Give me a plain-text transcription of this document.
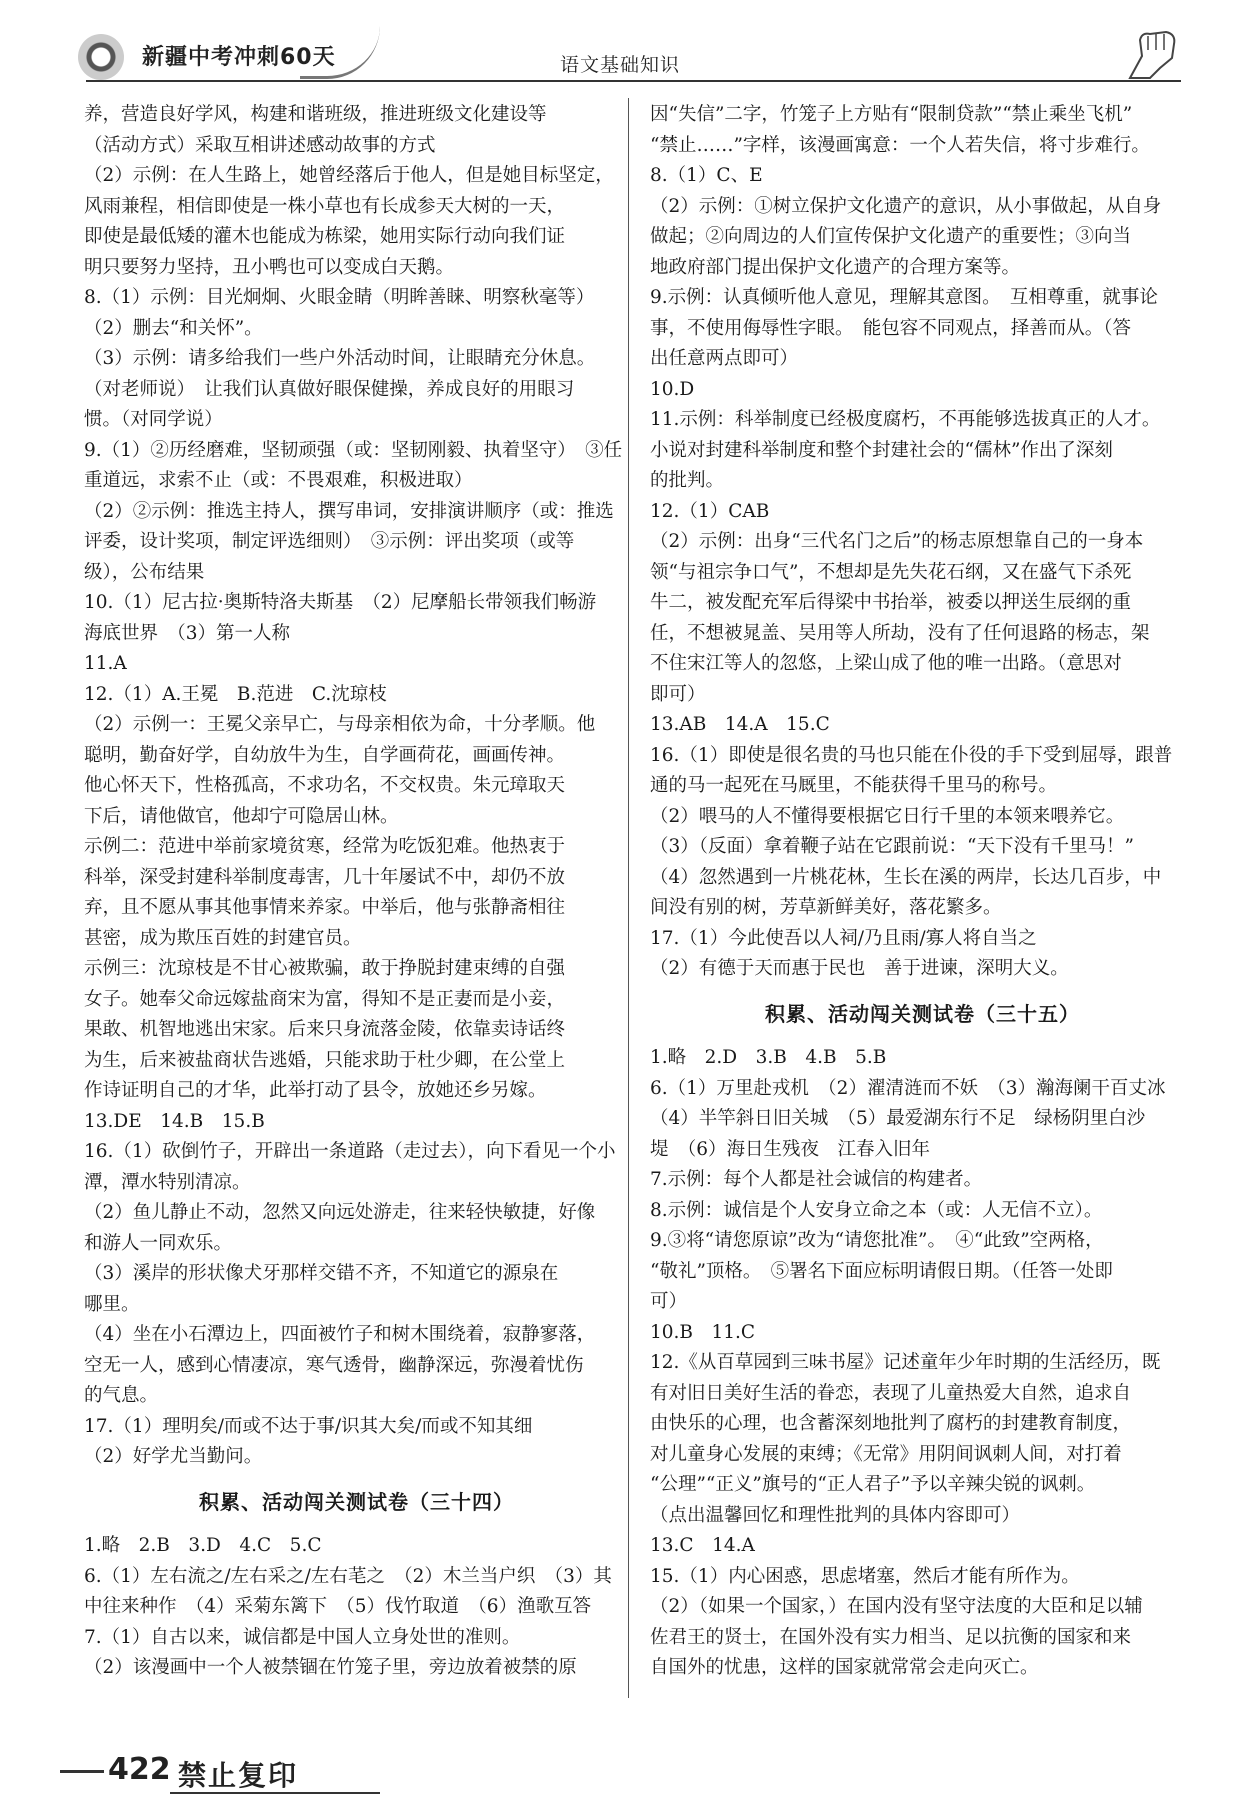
新疆中考冲刺60天	语文基础知识

养，营造良好学风，构建和谐班级，推进班级文化建设等

（活动方式）采取互相讲述感动故事的方式

（2）示例：在人生路上，她曾经落后于他人，但是她目标坚定，

风雨兼程，相信即使是一株小草也有长成参天大树的一天，

即使是最低矮的灌木也能成为栋梁，她用实际行动向我们证

明只要努力坚持，丑小鸭也可以变成白天鹅。

8.（1）示例：目光炯炯、火眼金睛（明眸善睐、明察秋毫等）

（2）删去“和关怀”。

（3）示例：请多给我们一些户外活动时间，让眼睛充分休息。

（对老师说）　让我们认真做好眼保健操，养成良好的用眼习

惯。（对同学说）

9.（1）②历经磨难，坚韧顽强（或：坚韧刚毅、执着坚守）　③任

重道远，求索不止（或：不畏艰难，积极进取）

（2）②示例：推选主持人，撰写串词，安排演讲顺序（或：推选

评委，设计奖项，制定评选细则）　③示例：评出奖项（或等

级），公布结果

10.（1）尼古拉·奥斯特洛夫斯基　（2）尼摩船长带领我们畅游

海底世界　（3）第一人称

11.A

12.（1）A.王冕　B.范进　C.沈琼枝

（2）示例一：王冕父亲早亡，与母亲相依为命，十分孝顺。他

聪明，勤奋好学，自幼放牛为生，自学画荷花，画画传神。

他心怀天下，性格孤高，不求功名，不交权贵。朱元璋取天

下后，请他做官，他却宁可隐居山林。

示例二：范进中举前家境贫寒，经常为吃饭犯难。他热衷于

科举，深受封建科举制度毒害，几十年屡试不中，却仍不放

弃，且不愿从事其他事情来养家。中举后，他与张静斋相往

甚密，成为欺压百姓的封建官员。

示例三：沈琼枝是不甘心被欺骗，敢于挣脱封建束缚的自强

女子。她奉父命远嫁盐商宋为富，得知不是正妻而是小妾，

果敢、机智地逃出宋家。后来只身流落金陵，依靠卖诗话终

为生，后来被盐商状告逃婚，只能求助于杜少卿，在公堂上

作诗证明自己的才华，此举打动了县令，放她还乡另嫁。

13.DE　14.B　15.B

16.（1）砍倒竹子，开辟出一条道路（走过去），向下看见一个小

潭，潭水特别清凉。

（2）鱼儿静止不动，忽然又向远处游走，往来轻快敏捷，好像

和游人一同欢乐。

（3）溪岸的形状像犬牙那样交错不齐，不知道它的源泉在

哪里。

（4）坐在小石潭边上，四面被竹子和树木围绕着，寂静寥落，

空无一人，感到心情凄凉，寒气透骨，幽静深远，弥漫着忧伤

的气息。

17.（1）理明矣/而或不达于事/识其大矣/而或不知其细

（2）好学尤当勤问。

积累、活动闯关测试卷（三十四）

1.略　2.B　3.D　4.C　5.C

6.（1）左右流之/左右采之/左右芼之　（2）木兰当户织　（3）其

中往来种作　（4）采菊东篱下　（5）伐竹取道　（6）渔歌互答

7.（1）自古以来，诚信都是中国人立身处世的准则。

（2）该漫画中一个人被禁锢在竹笼子里，旁边放着被禁的原

因“失信”二字，竹笼子上方贴有“限制贷款”“禁止乘坐飞机”

“禁止……”字样，该漫画寓意：一个人若失信，将寸步难行。

8.（1）C、E

（2）示例：①树立保护文化遗产的意识，从小事做起，从自身

做起；②向周边的人们宣传保护文化遗产的重要性；③向当

地政府部门提出保护文化遗产的合理方案等。

9.示例：认真倾听他人意见，理解其意图。　互相尊重，就事论

事，不使用侮辱性字眼。　能包容不同观点，择善而从。（答

出任意两点即可）

10.D

11.示例：科举制度已经极度腐朽，不再能够选拔真正的人才。

小说对封建科举制度和整个封建社会的“儒林”作出了深刻

的批判。

12.（1）CAB

（2）示例：出身“三代名门之后”的杨志原想靠自己的一身本

领“与祖宗争口气”，不想却是先失花石纲，又在盛气下杀死

牛二，被发配充军后得梁中书抬举，被委以押送生辰纲的重

任，不想被晁盖、吴用等人所劫，没有了任何退路的杨志，架

不住宋江等人的忽悠，上梁山成了他的唯一出路。（意思对

即可）

13.AB　14.A　15.C

16.（1）即使是很名贵的马也只能在仆役的手下受到屈辱，跟普

通的马一起死在马厩里，不能获得千里马的称号。

（2）喂马的人不懂得要根据它日行千里的本领来喂养它。

（3）（反面）拿着鞭子站在它跟前说：“天下没有千里马！”

（4）忽然遇到一片桃花林，生长在溪的两岸，长达几百步，中

间没有别的树，芳草新鲜美好，落花繁多。

17.（1）今此使吾以人祠/乃且雨/寡人将自当之

（2）有德于天而惠于民也　善于进谏，深明大义。

积累、活动闯关测试卷（三十五）

1.略　2.D　3.B　4.B　5.B

6.（1）万里赴戎机　（2）濯清涟而不妖　（3）瀚海阑干百丈冰

（4）半竿斜日旧关城　（5）最爱湖东行不足　绿杨阴里白沙

堤　（6）海日生残夜　江春入旧年

7.示例：每个人都是社会诚信的构建者。

8.示例：诚信是个人安身立命之本（或：人无信不立）。

9.③将“请您原谅”改为“请您批准”。　④“此致”空两格，

“敬礼”顶格。　⑤署名下面应标明请假日期。（任答一处即

可）

10.B　11.C

12.《从百草园到三味书屋》记述童年少年时期的生活经历，既

有对旧日美好生活的眷恋，表现了儿童热爱大自然，追求自

由快乐的心理，也含蓄深刻地批判了腐朽的封建教育制度，

对儿童身心发展的束缚；《无常》用阴间讽刺人间，对打着

“公理”“正义”旗号的“正人君子”予以辛辣尖锐的讽刺。

（点出温馨回忆和理性批判的具体内容即可）

13.C　14.A

15.（1）内心困惑，思虑堵塞，然后才能有所作为。

（2）（如果一个国家，）在国内没有坚守法度的大臣和足以辅

佐君王的贤士，在国外没有实力相当、足以抗衡的国家和来

自国外的忧患，这样的国家就常常会走向灭亡。

422 禁止复印
